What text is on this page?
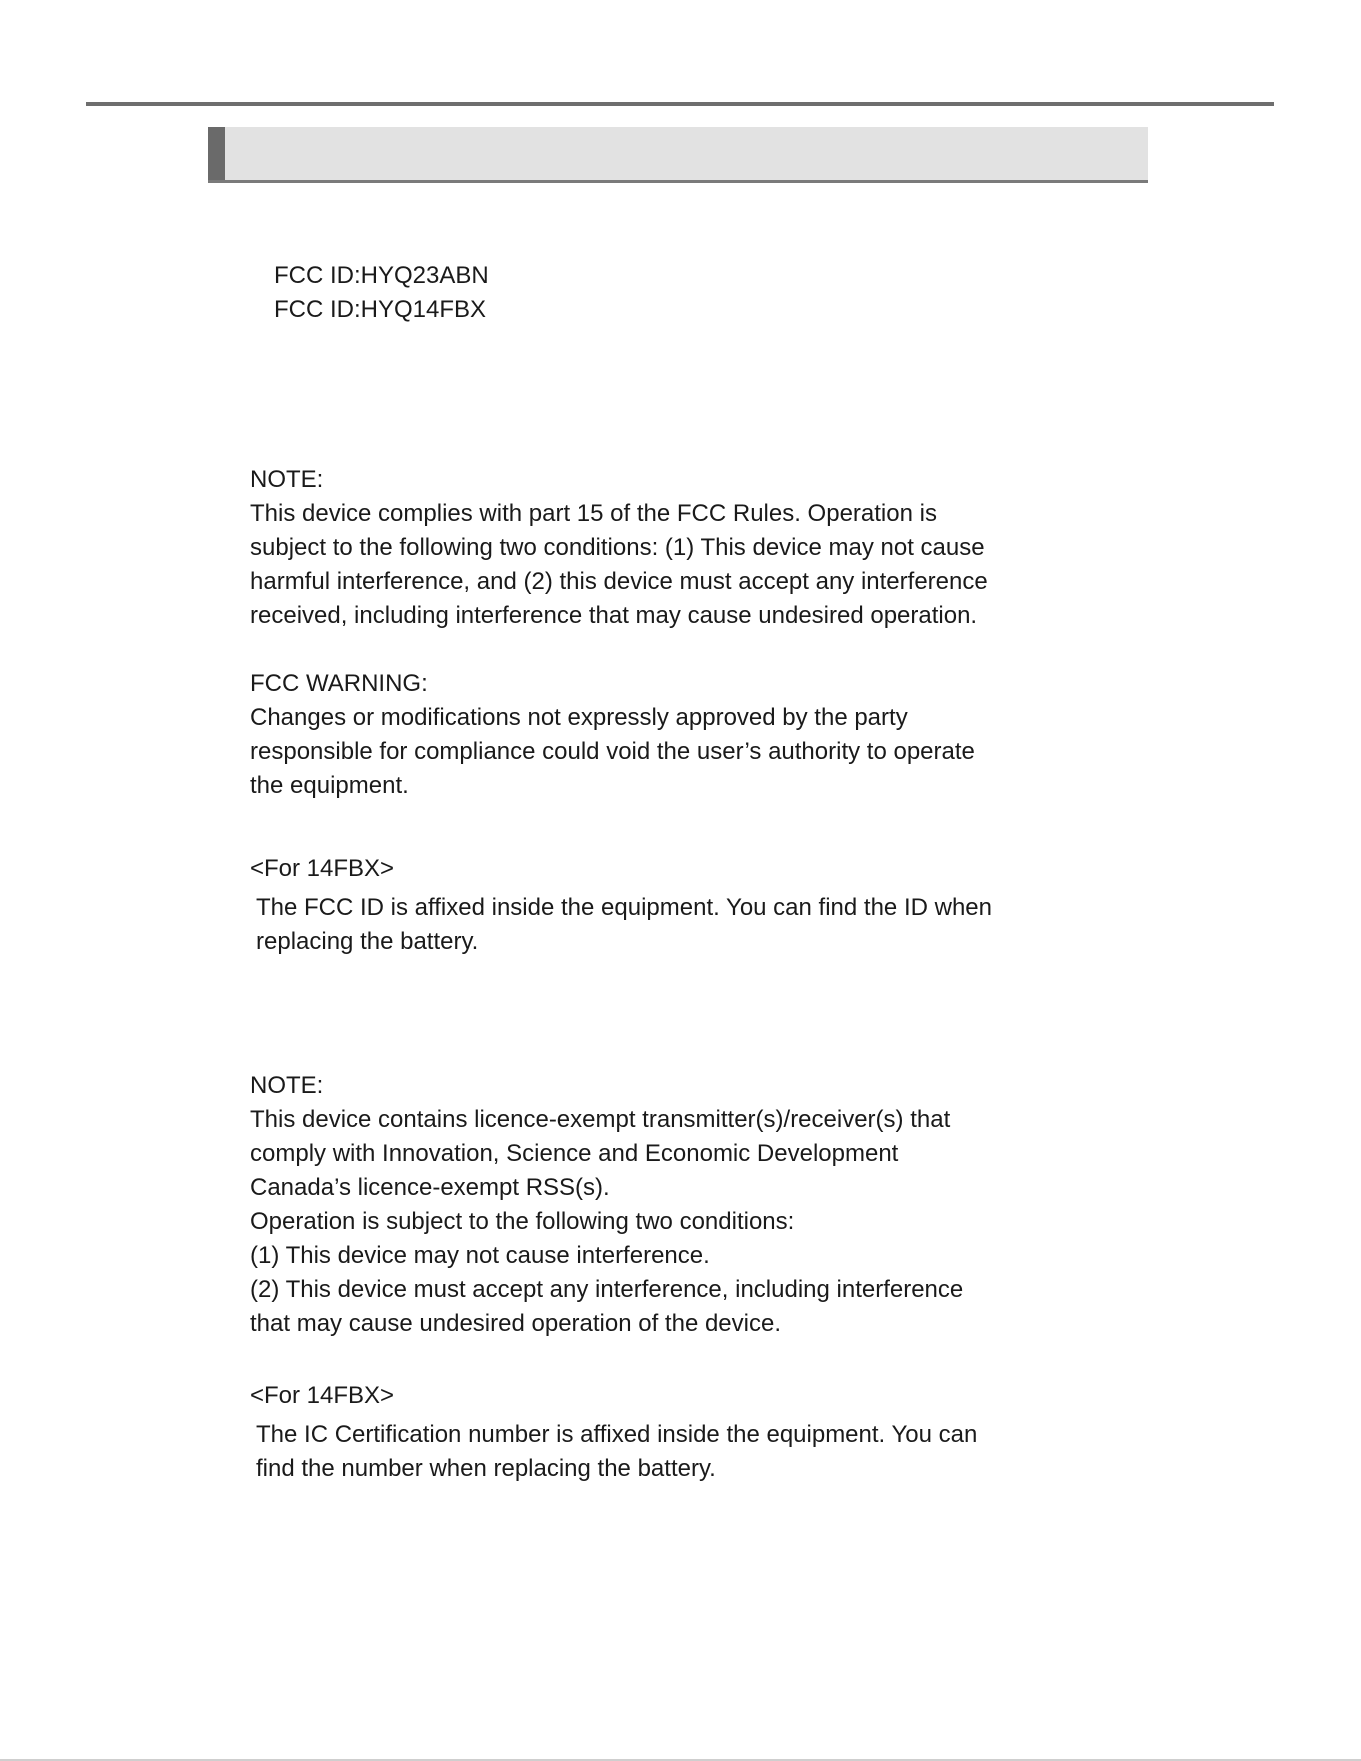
FCC ID:HYQ23ABN
FCC ID:HYQ14FBX
NOTE:
This device complies with part 15 of the FCC Rules. Operation is
subject to the following two conditions: (1) This device may not cause
harmful interference, and (2) this device must accept any interference
received, including interference that may cause undesired operation.
FCC WARNING:
Changes or modifications not expressly approved by the party
responsible for compliance could void the user’s authority to operate
the equipment.
<For 14FBX>
The FCC ID is affixed inside the equipment. You can find the ID when
replacing the battery.
NOTE:
This device contains licence-exempt transmitter(s)/receiver(s) that
comply with Innovation, Science and Economic Development
Canada’s licence-exempt RSS(s).
Operation is subject to the following two conditions:
(1) This device may not cause interference.
(2) This device must accept any interference, including interference
that may cause undesired operation of the device.
<For 14FBX>
The IC Certification number is affixed inside the equipment. You can
find the number when replacing the battery.
